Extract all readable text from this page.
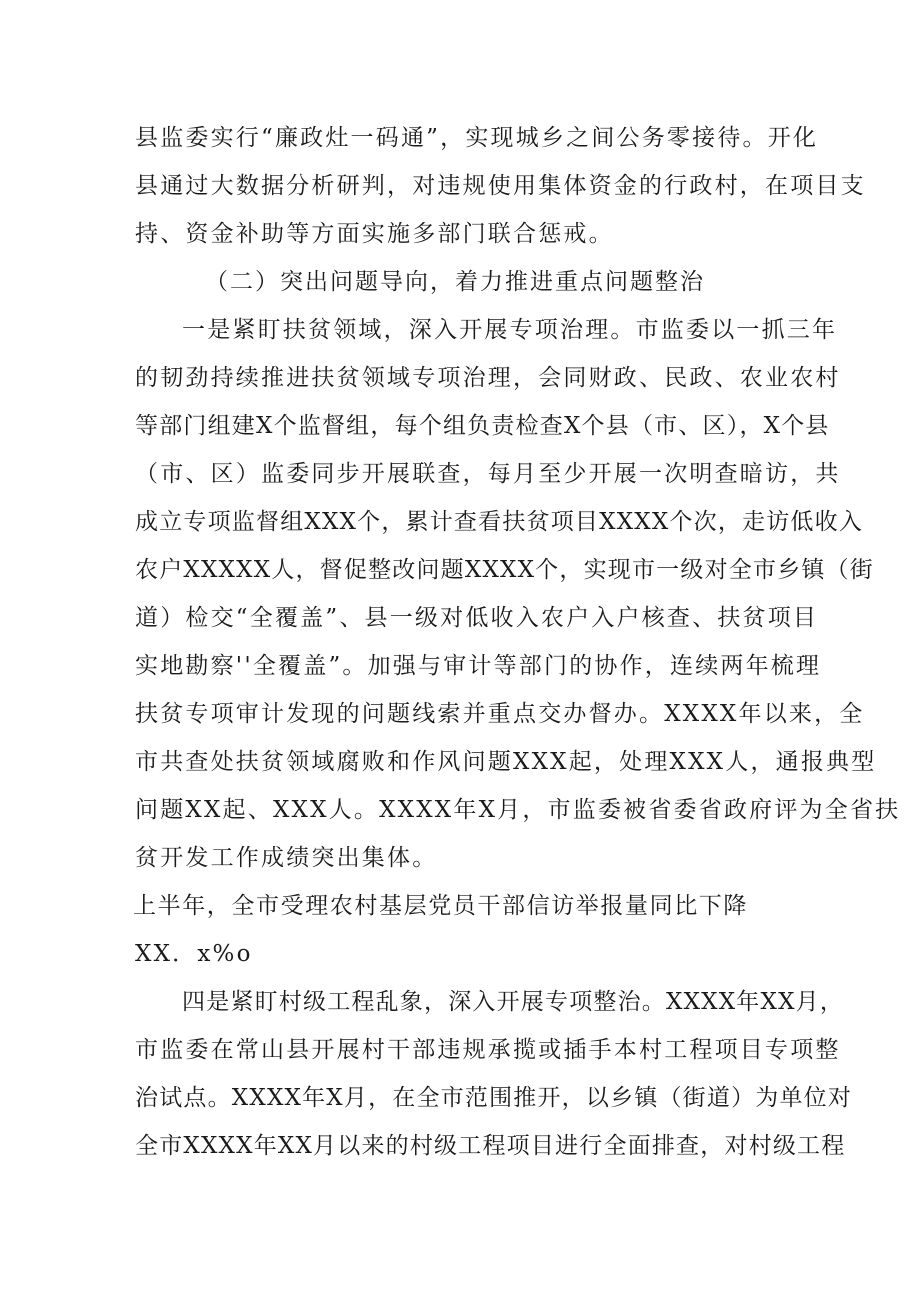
县监委实行“廉政灶一码通”，实现城乡之间公务零接待。开化
县通过大数据分析研判，对违规使用集体资金的行政村，在项目支
持、资金补助等方面实施多部门联合惩戒。
（二）突出问题导向，着力推进重点问题整治
一是紧盯扶贫领域，深入开展专项治理。市监委以一抓三年
的韧劲持续推进扶贫领域专项治理，会同财政、民政、农业农村
等部门组建X个监督组，每个组负责检查X个县（市、区），X个县
（市、区）监委同步开展联查，每月至少开展一次明查暗访，共
成立专项监督组XXX个，累计查看扶贫项目XXXX个次，走访低收入
农户XXXXX人，督促整改问题XXXX个，实现市一级对全市乡镇（街
道）检交“全覆盖”、县一级对低收入农户入户核查、扶贫项目
实地勘察''全覆盖”。加强与审计等部门的协作，连续两年梳理
扶贫专项审计发现的问题线索并重点交办督办。XXXX年以来，全
市共查处扶贫领域腐败和作风问题XXX起，处理XXX人，通报典型
问题XX起、XXX人。XXXX年X月，市监委被省委省政府评为全省扶
贫开发工作成绩突出集体。
上半年，全市受理农村基层党员干部信访举报量同比下降
XX．x%o
四是紧盯村级工程乱象，深入开展专项整治。XXXX年XX月，
市监委在常山县开展村干部违规承揽或插手本村工程项目专项整
治试点。XXXX年X月，在全市范围推开，以乡镇（街道）为单位对
全市XXXX年XX月以来的村级工程项目进行全面排查，对村级工程
